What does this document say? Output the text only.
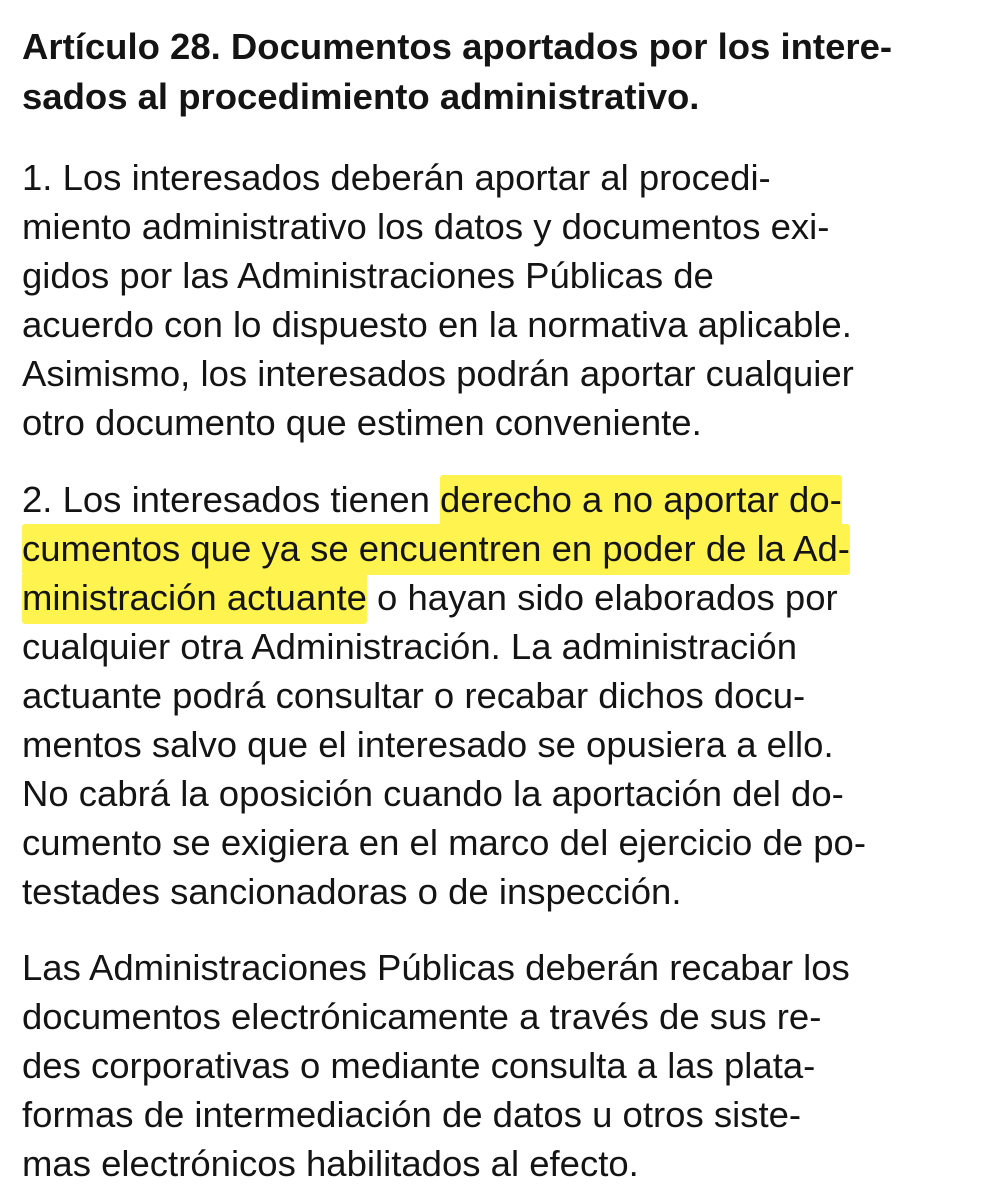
Artículo 28. Documentos aportados por los intere-
sados al procedimiento administrativo.
1. Los interesados deberán aportar al procedi-
miento administrativo los datos y documentos exi-
gidos por las Administraciones Públicas de
acuerdo con lo dispuesto en la normativa aplicable.
Asimismo, los interesados podrán aportar cualquier
otro documento que estimen conveniente.
2. Los interesados tienen derecho a no aportar do-
cumentos que ya se encuentren en poder de la Ad-
ministración actuante o hayan sido elaborados por
cualquier otra Administración. La administración
actuante podrá consultar o recabar dichos docu-
mentos salvo que el interesado se opusiera a ello.
No cabrá la oposición cuando la aportación del do-
cumento se exigiera en el marco del ejercicio de po-
testades sancionadoras o de inspección.
Las Administraciones Públicas deberán recabar los
documentos electrónicamente a través de sus re-
des corporativas o mediante consulta a las plata-
formas de intermediación de datos u otros siste-
mas electrónicos habilitados al efecto.
